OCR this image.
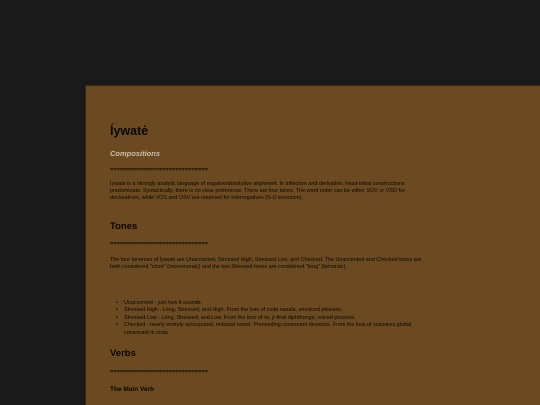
Íywatė

Compositions

==============================

Íywatė is a strongly analytic language of ergative/absolutive alignment. In inflection and derivation, head-initial constructions predominate. Syntactically, there is no clear preference. There are four tones. The word order can be either SOV or VSO for declaratives, while VOS and OSV are reserved for interrogatives (S-O inversion).

Tones

==============================

The four tonemes of Íywatė are Unaccented, Stressed High, Stressed Low, and Checked. The Unaccented and Checked tones are both considered "short" (monomoraic) and the two Stressed tones are considered "long" (bimoraic).

• Unaccented - just how it sounds.
• Stressed High - Long, Stressed, and High. From the loss of coda nasals, unvoiced plosives.
• Stressed Low - Long, Stressed, and Low. From the loss of /w, j/-final diphthongs, voiced plosives.
• Checked - nearly entirely syncopated, reduced vowel. Preceeding consonant devoices. From the loss of voiceless glottal consonant in coda.
Verbs

==============================

The Main Verb
